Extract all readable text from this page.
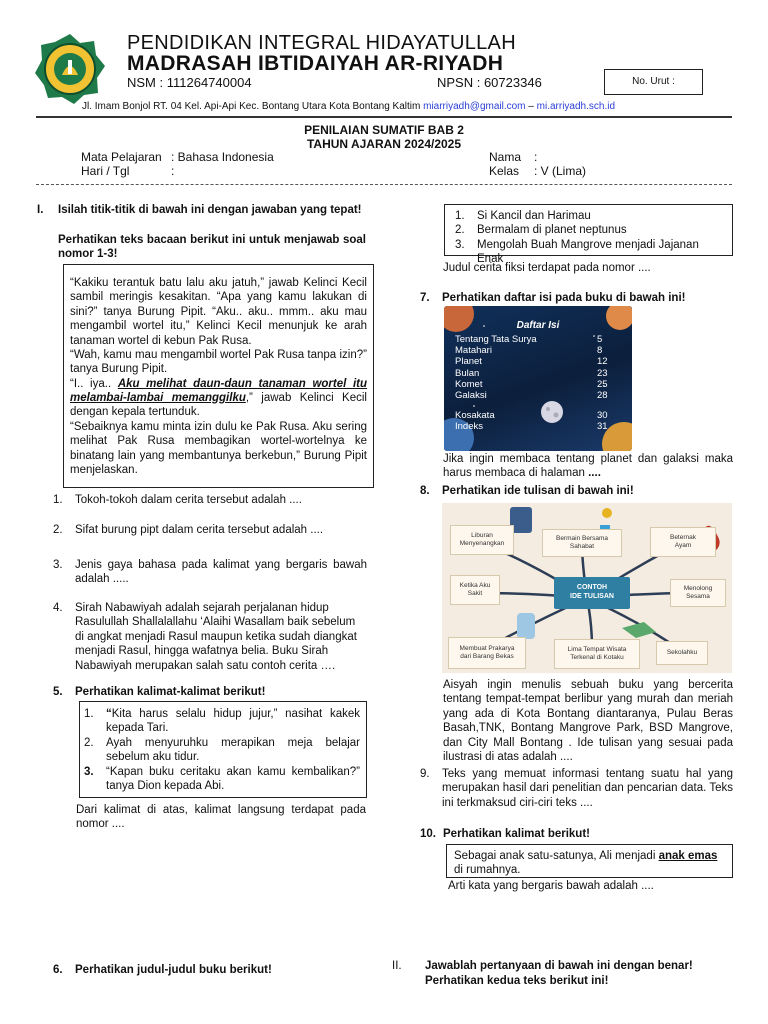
PENDIDIKAN INTEGRAL HIDAYATULLAH
MADRASAH IBTIDAIYAH AR-RIYADH
NSM : 111264740004	NPSN : 60723346	No. Urut :
Jl. Imam Bonjol RT. 04 Kel. Api-Api Kec. Bontang Utara Kota Bontang Kaltim miarriyadh@gmail.com – mi.arriyadh.sch.id
PENILAIAN SUMATIF BAB 2
TAHUN AJARAN 2024/2025
Mata Pelajaran : Bahasa Indonesia
Hari / Tgl	:
Nama :
Kelas : V (Lima)
I. Isilah titik-titik di bawah ini dengan jawaban yang tepat!
Perhatikan teks bacaan berikut ini untuk menjawab soal nomor 1-3!
“Kakiku terantuk batu lalu aku jatuh,” jawab Kelinci Kecil sambil meringis kesakitan. “Apa yang kamu lakukan di sini?” tanya Burung Pipit. “Aku.. aku.. mmm.. aku mau mengambil wortel itu,” Kelinci Kecil menunjuk ke arah tanaman wortel di kebun Pak Rusa.
“Wah, kamu mau mengambil wortel Pak Rusa tanpa izin?” tanya Burung Pipit.
“I.. iya.. Aku melihat daun-daun tanaman wortel itu melambai-lambai memanggilku,” jawab Kelinci Kecil dengan kepala tertunduk.
“Sebaiknya kamu minta izin dulu ke Pak Rusa. Aku sering melihat Pak Rusa membagikan wortel-wortelnya ke binatang lain yang membantunya berkebun,” Burung Pipit menjelaskan.
1.	Tokoh-tokoh dalam cerita tersebut adalah ....
2.	Sifat burung pipt dalam cerita tersebut adalah ....
3.	Jenis gaya bahasa pada kalimat yang bergaris bawah adalah .....
4.	Sirah Nabawiyah adalah sejarah perjalanan hidup Rasulullah Shallalallahu ‘Alaihi Wasallam baik sebelum di angkat menjadi Rasul maupun ketika sudah diangkat menjadi Rasul, hingga wafatnya belia. Buku Sirah Nabawiyah merupakan salah satu contoh cerita ….
5.	Perhatikan kalimat-kalimat berikut!
1.	“Kita harus selalu hidup jujur,” nasihat kakek kepada Tari.
2.	Ayah menyuruhku merapikan meja belajar sebelum aku tidur.
3.	“Kapan buku ceritaku akan kamu kembalikan?” tanya Dion kepada Abi.
Dari kalimat di atas, kalimat langsung terdapat pada nomor ....
6.	Perhatikan judul-judul buku berikut!
1.	Si Kancil dan Harimau
2.	Bermalam di planet neptunus
3.	Mengolah Buah Mangrove menjadi Jajanan Enak
Judul cerita fiksi terdapat pada nomor ....
7.	Perhatikan daftar isi pada buku di bawah ini!
Daftar Isi
Tentang Tata Surya	5
Matahari	8
Planet	12
Bulan	23
Komet	25
Galaksi	28
Kosakata	30
Indeks	31
Jika ingin membaca tentang planet dan galaksi maka harus membaca di halaman ....
8.	Perhatikan ide tulisan di bawah ini!
CONTOH
IDE TULISAN
Liburan
Menyenangkan
Bermain Bersama
Sahabat
Beternak
Ayam
Ketika Aku
Sakit
Menolong
Sesama
Membuat Prakarya
dari Barang Bekas
Lima Tempat Wisata
Terkenal di Kotaku
Sekolahku
Aisyah ingin menulis sebuah buku yang bercerita tentang tempat-tempat berlibur yang murah dan meriah yang ada di Kota Bontang diantaranya, Pulau Beras Basah,TNK, Bontang Mangrove Park, BSD Mangrove, dan City Mall Bontang . Ide tulisan yang sesuai pada ilustrasi di atas adalah ....
9.	Teks yang memuat informasi tentang suatu hal yang merupakan hasil dari penelitian dan pencarian data. Teks ini terkmaksud ciri-ciri teks ....
10. Perhatikan kalimat berikut!
Sebagai anak satu-satunya, Ali menjadi anak emas di rumahnya.
Arti kata yang bergaris bawah adalah ....
II. Jawablah pertanyaan di bawah ini dengan benar!
Perhatikan kedua teks berikut ini!
